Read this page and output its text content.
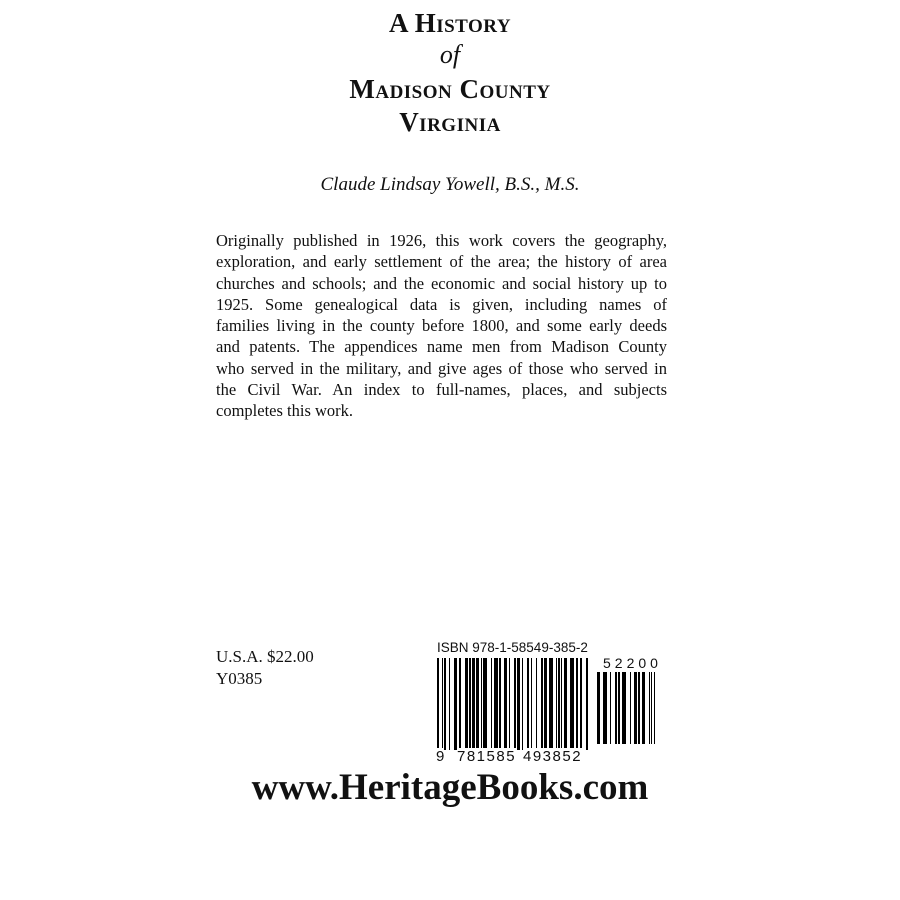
A History
of
Madison County
Virginia
Claude Lindsay Yowell, B.S., M.S.
Originally published in 1926, this work covers the geography,
exploration, and early settlement of the area; the history of area
churches and schools; and the economic and social history up to
1925. Some genealogical data is given, including names of
families living in the county before 1800, and some early deeds
and patents. The appendices name men from Madison County
who served in the military, and give ages of those who served in
the Civil War. An index to full-names, places, and subjects
completes this work.
U.S.A. $22.00
Y0385
ISBN 978-1-58549-385-2
9 781585 493852
52200
www.HeritageBooks.com
